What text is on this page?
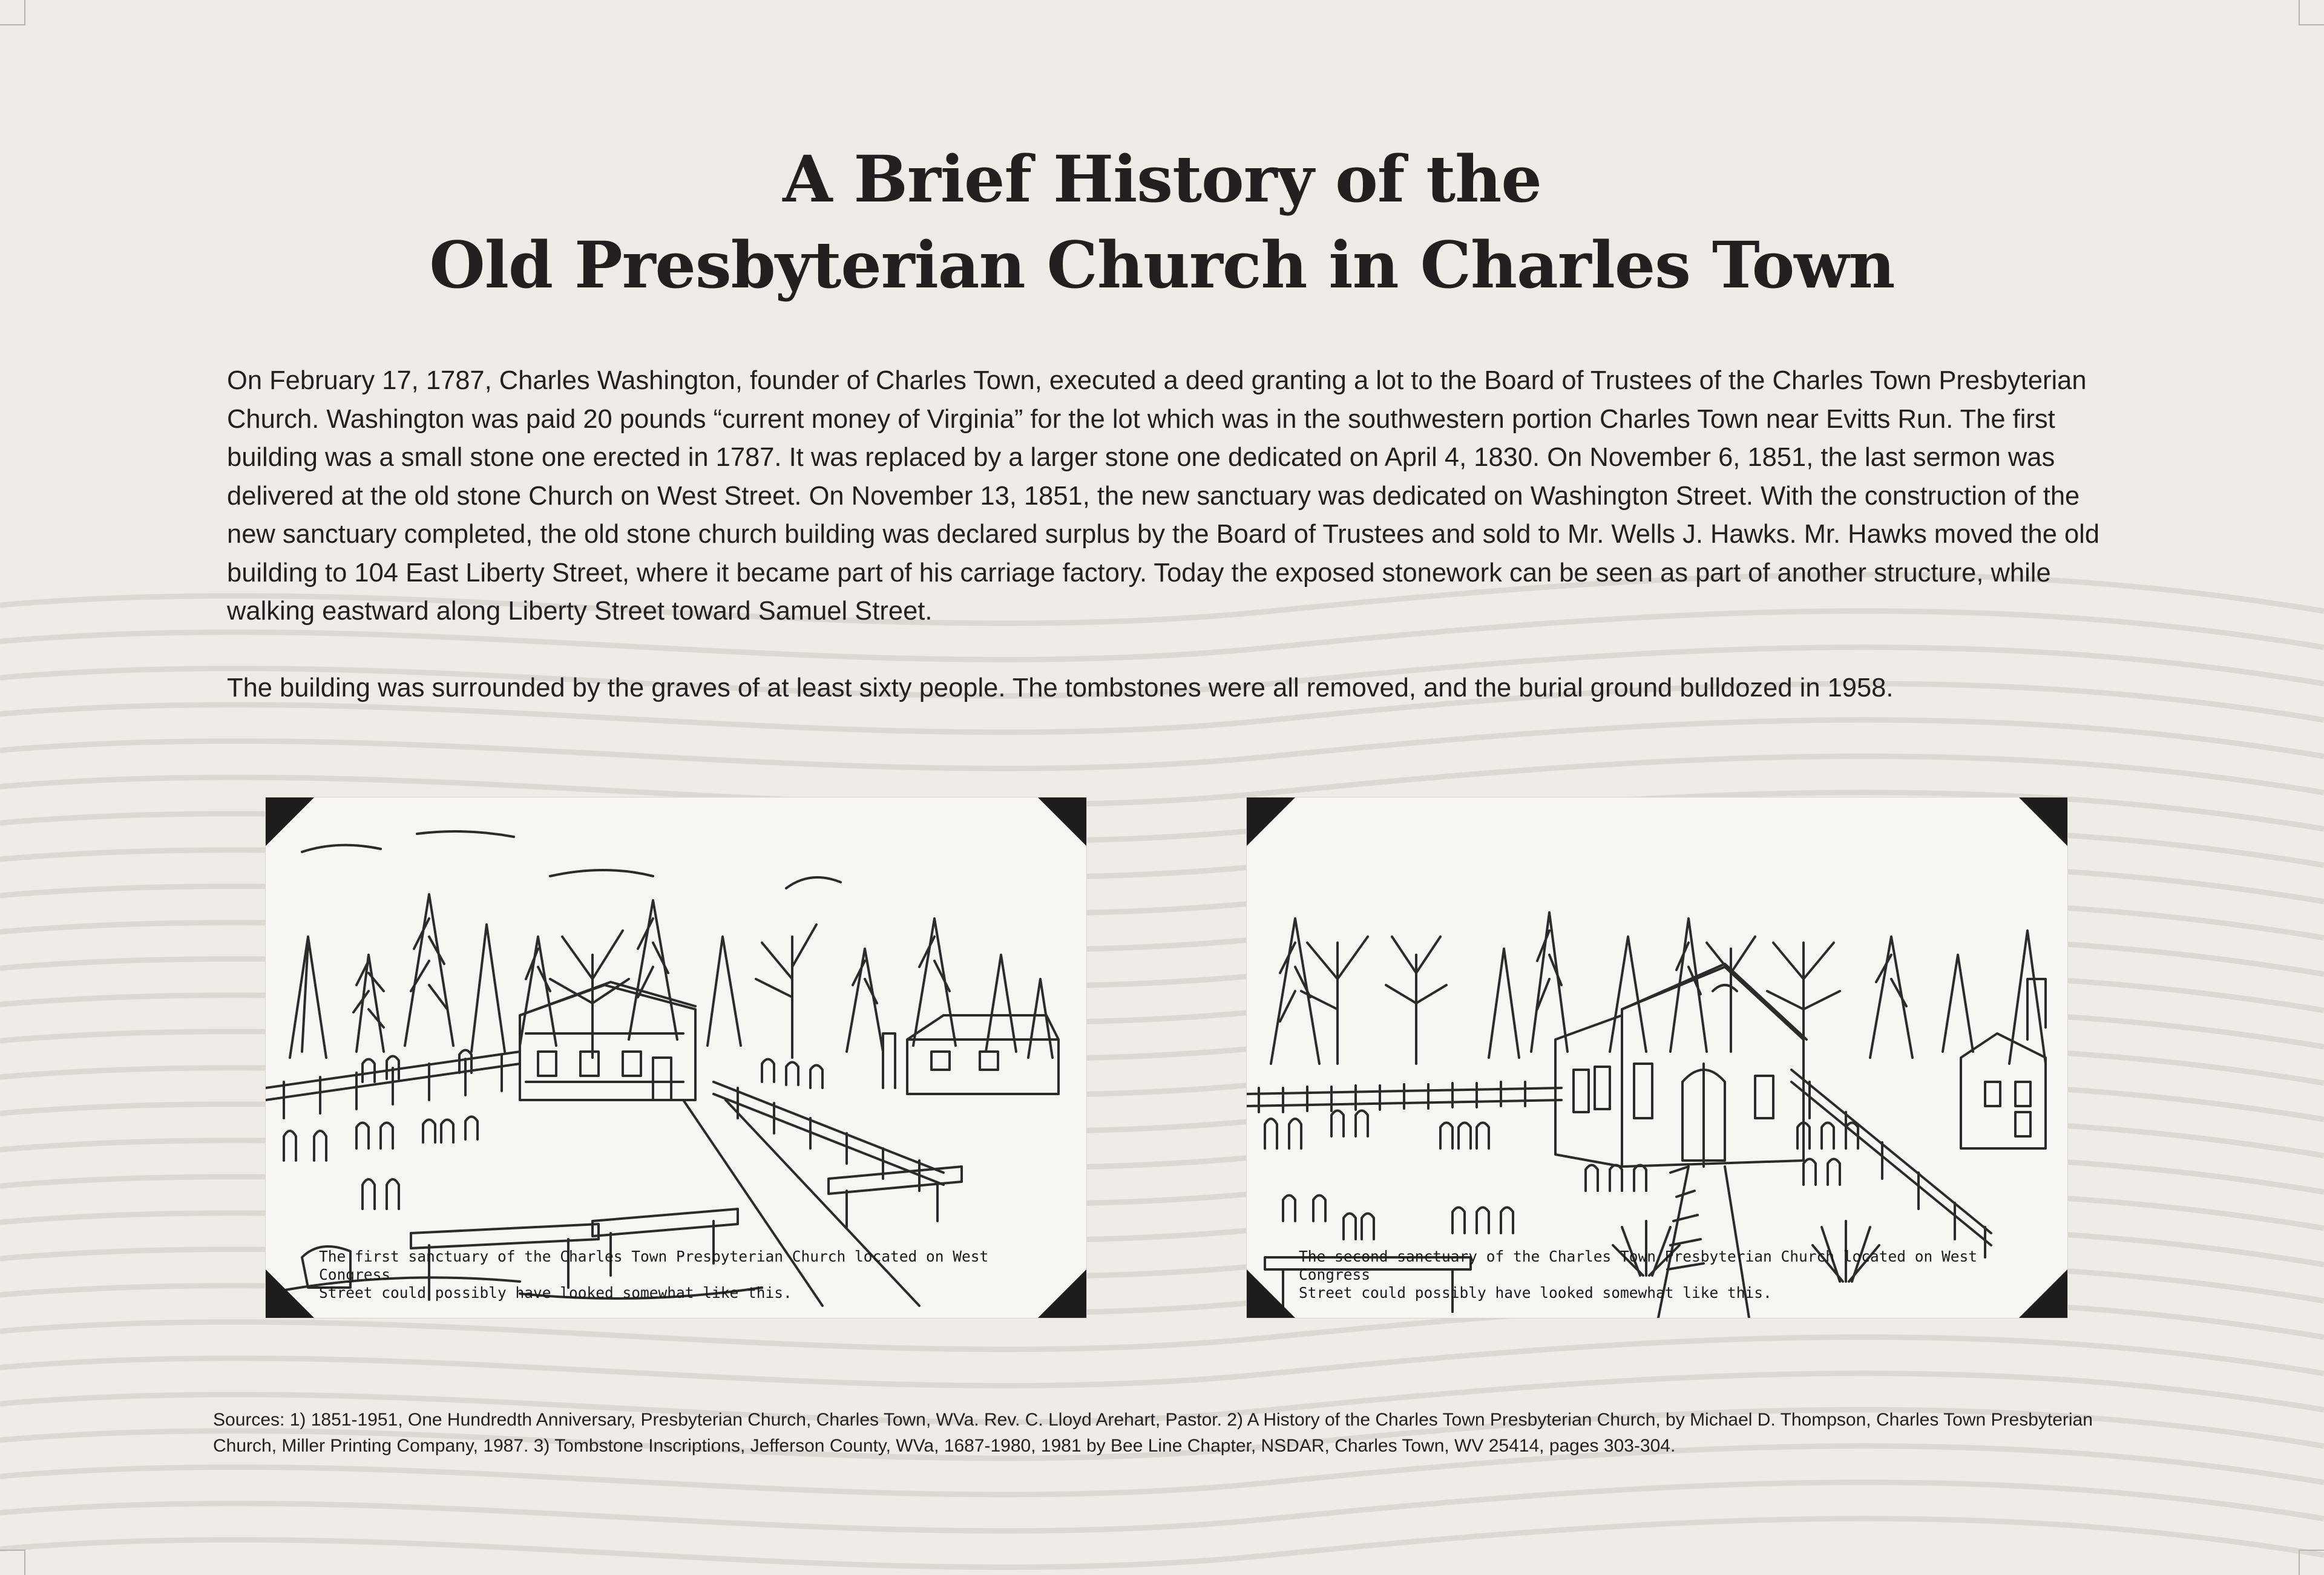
A Brief History of the
Old Presbyterian Church in Charles Town

On February 17, 1787, Charles Washington, founder of Charles Town, executed a deed granting a lot to the Board of Trustees of the Charles Town Presbyterian Church. Washington was paid 20 pounds “current money of Virginia” for the lot which was in the southwestern portion Charles Town near Evitts Run. The first building was a small stone one erected in 1787. It was replaced by a larger stone one dedicated on April 4, 1830. On November 6, 1851, the last sermon was delivered at the old stone Church on West Street. On November 13, 1851, the new sanctuary was dedicated on Washington Street. With the construction of the new sanctuary completed, the old stone church building was declared surplus by the Board of Trustees and sold to Mr. Wells J. Hawks. Mr. Hawks moved the old building to 104 East Liberty Street, where it became part of his carriage factory. Today the exposed stonework can be seen as part of another structure, while walking eastward along Liberty Street toward Samuel Street.

The building was surrounded by the graves of at least sixty people. The tombstones were all removed, and the burial ground bulldozed in 1958.

The first sanctuary of the Charles Town Presbyterian Church located on West Congress
Street could possibly have looked somewhat like this.
The second sanctuary of the Charles Town Presbyterian Church located on West Congress
Street could possibly have looked somewhat like this.
Sources: 1) 1851-1951, One Hundredth Anniversary, Presbyterian Church, Charles Town, WVa. Rev. C. Lloyd Arehart, Pastor. 2) A History of the Charles Town Presbyterian Church, by Michael D. Thompson, Charles Town Presbyterian Church, Miller Printing Company, 1987. 3) Tombstone Inscriptions, Jefferson County, WVa, 1687-1980, 1981 by Bee Line Chapter, NSDAR, Charles Town, WV 25414, pages 303-304.
